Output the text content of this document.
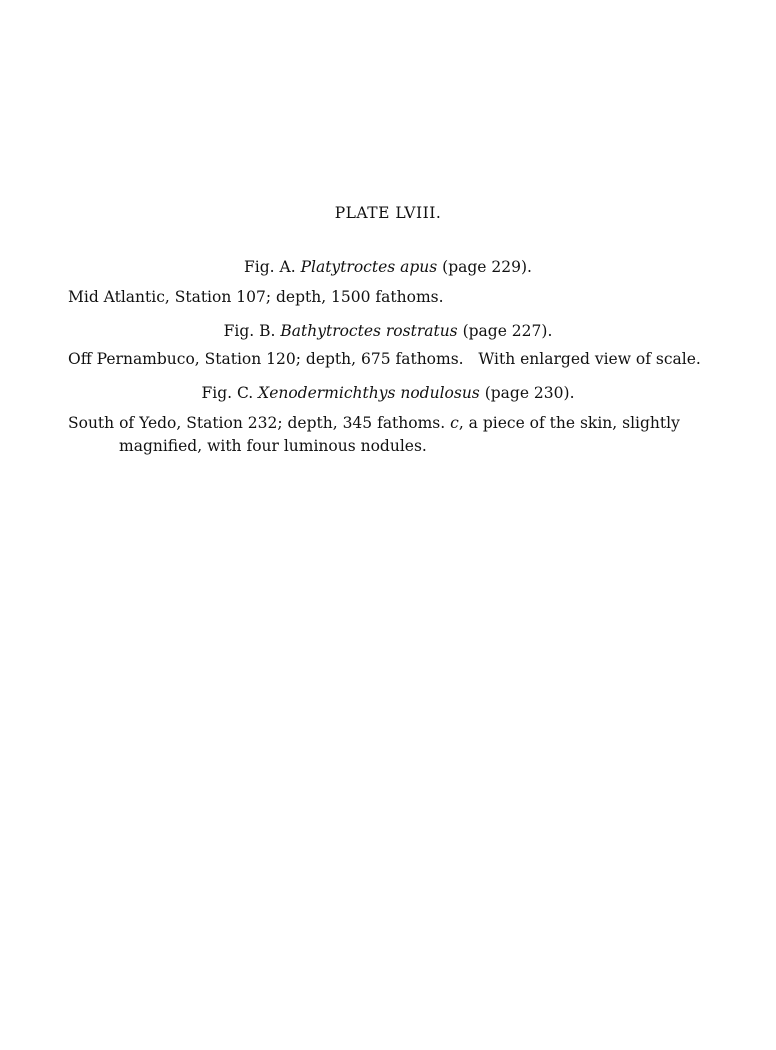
PLATE LVIII.
Fig. A. Platytroctes apus (page 229).
Mid Atlantic, Station 107; depth, 1500 fathoms.
Fig. B. Bathytroctes rostratus (page 227).
Off Pernambuco, Station 120; depth, 675 fathoms.   With enlarged view of scale.
Fig. C. Xenodermichthys nodulosus (page 230).
South of Yedo, Station 232; depth, 345 fathoms. c, a piece of the skin, slightly
magnified, with four luminous nodules.
